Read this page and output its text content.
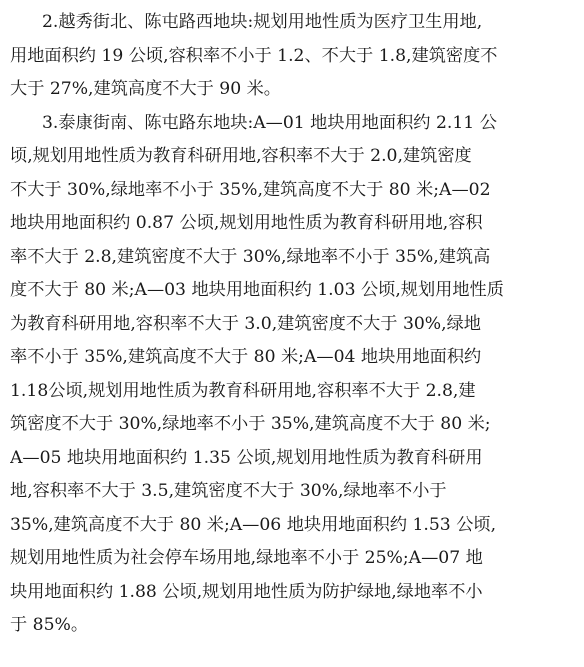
2.越秀街北、陈屯路西地块:规划用地性质为医疗卫生用地,
用地面积约 19 公顷,容积率不小于 1.2、不大于 1.8,建筑密度不
大于 27%,建筑高度不大于 90 米。

3.泰康街南、陈屯路东地块:A—01 地块用地面积约 2.11 公
顷,规划用地性质为教育科研用地,容积率不大于 2.0,建筑密度
不大于 30%,绿地率不小于 35%,建筑高度不大于 80 米;A—02
地块用地面积约 0.87 公顷,规划用地性质为教育科研用地,容积
率不大于 2.8,建筑密度不大于 30%,绿地率不小于 35%,建筑高
度不大于 80 米;A—03 地块用地面积约 1.03 公顷,规划用地性质
为教育科研用地,容积率不大于 3.0,建筑密度不大于 30%,绿地
率不小于 35%,建筑高度不大于 80 米;A—04 地块用地面积约
1.18公顷,规划用地性质为教育科研用地,容积率不大于 2.8,建
筑密度不大于 30%,绿地率不小于 35%,建筑高度不大于 80 米;
A—05 地块用地面积约 1.35 公顷,规划用地性质为教育科研用
地,容积率不大于 3.5,建筑密度不大于 30%,绿地率不小于
35%,建筑高度不大于 80 米;A—06 地块用地面积约 1.53 公顷,
规划用地性质为社会停车场用地,绿地率不小于 25%;A—07 地
块用地面积约 1.88 公顷,规划用地性质为防护绿地,绿地率不小
于 85%。
